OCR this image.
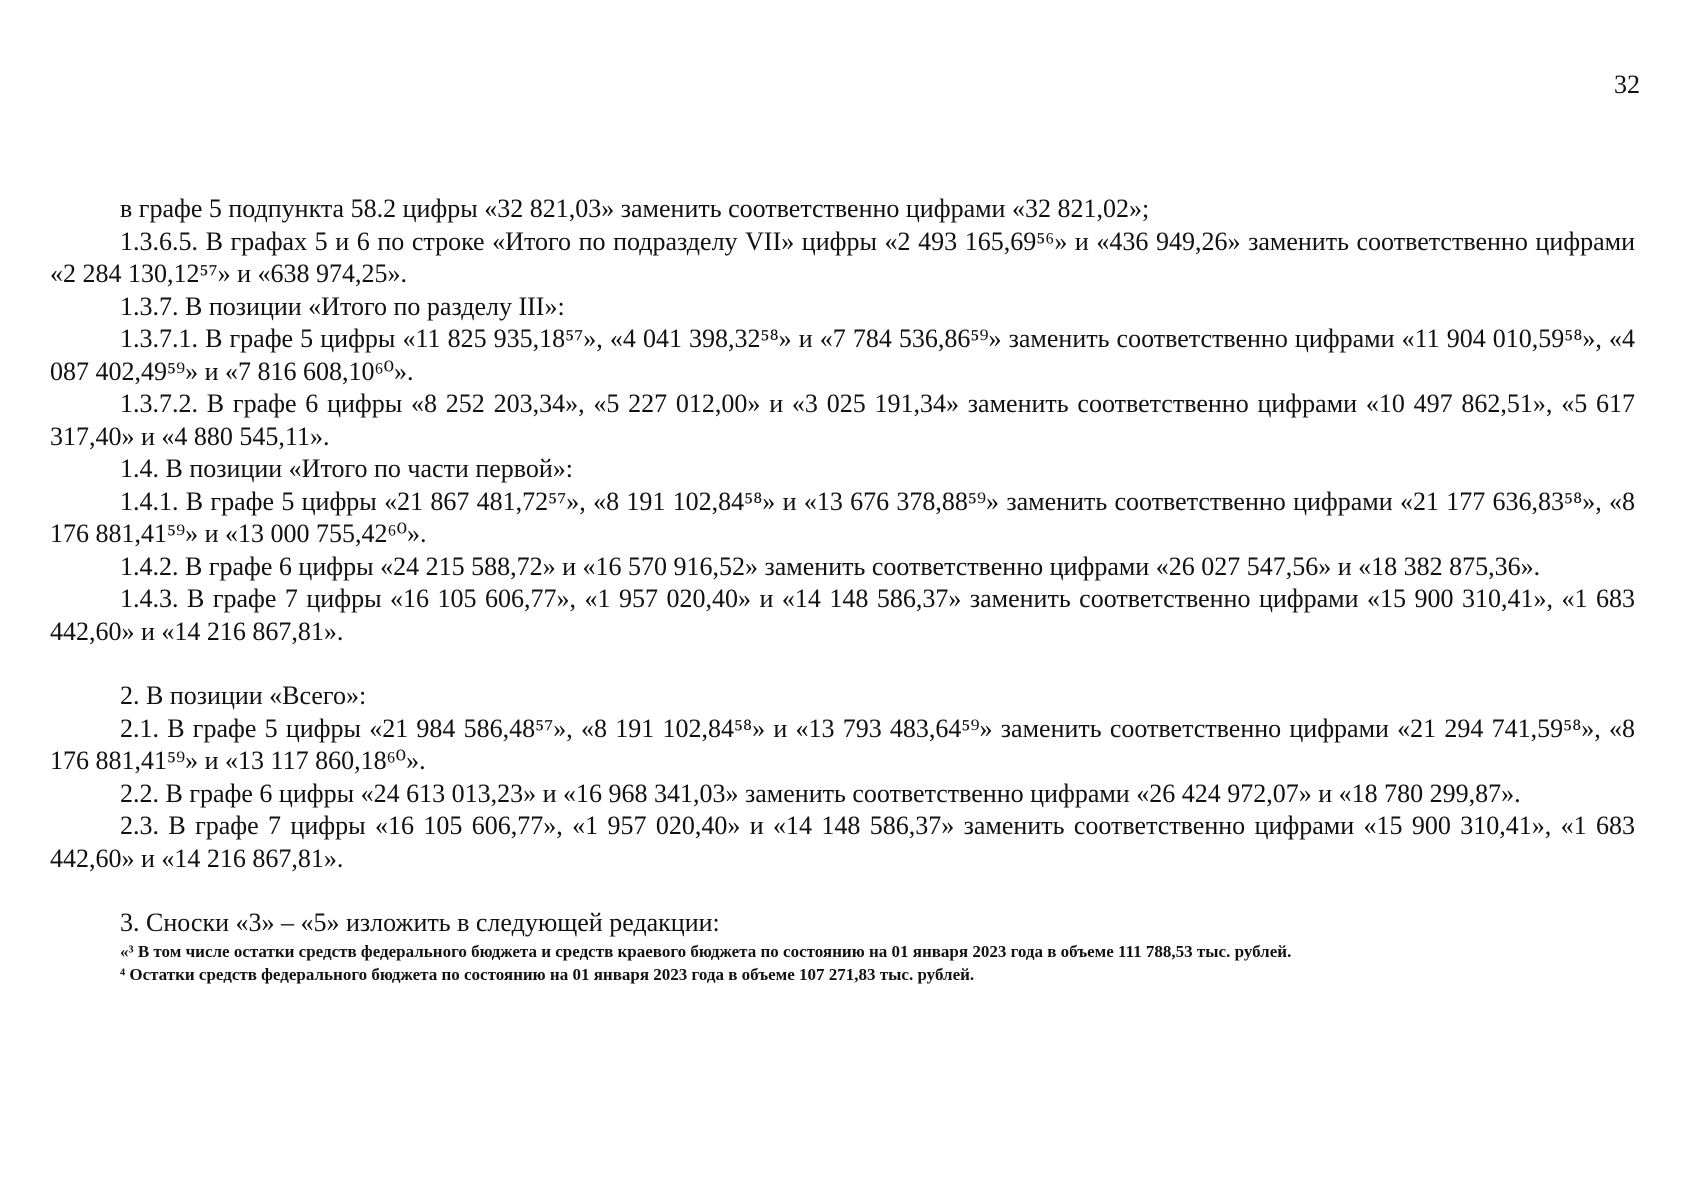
32

в графе 5 подпункта 58.2 цифры «32 821,03» заменить соответственно цифрами «32 821,02»;

1.3.6.5. В графах 5 и 6 по строке «Итого по подразделу VII» цифры «2 493 165,69⁵⁶» и «436 949,26» заменить соответственно цифрами «2 284 130,12⁵⁷» и «638 974,25».

1.3.7. В позиции «Итого по разделу III»:

1.3.7.1. В графе 5 цифры «11 825 935,18⁵⁷», «4 041 398,32⁵⁸» и «7 784 536,86⁵⁹» заменить соответственно цифрами «11 904 010,59⁵⁸», «4 087 402,49⁵⁹» и «7 816 608,10⁶⁰».

1.3.7.2. В графе 6 цифры «8 252 203,34», «5 227 012,00» и «3 025 191,34» заменить соответственно цифрами «10 497 862,51», «5 617 317,40» и «4 880 545,11».

1.4. В позиции «Итого по части первой»:

1.4.1. В графе 5 цифры «21 867 481,72⁵⁷», «8 191 102,84⁵⁸» и «13 676 378,88⁵⁹» заменить соответственно цифрами «21 177 636,83⁵⁸», «8 176 881,41⁵⁹» и «13 000 755,42⁶⁰».

1.4.2. В графе 6 цифры «24 215 588,72» и «16 570 916,52» заменить соответственно цифрами «26 027 547,56» и «18 382 875,36».

1.4.3. В графе 7 цифры «16 105 606,77», «1 957 020,40» и «14 148 586,37» заменить соответственно цифрами «15 900 310,41», «1 683 442,60» и «14 216 867,81».

2. В позиции «Всего»:

2.1. В графе 5 цифры «21 984 586,48⁵⁷», «8 191 102,84⁵⁸» и «13 793 483,64⁵⁹» заменить соответственно цифрами «21 294 741,59⁵⁸», «8 176 881,41⁵⁹» и «13 117 860,18⁶⁰».

2.2. В графе 6 цифры «24 613 013,23» и «16 968 341,03» заменить соответственно цифрами «26 424 972,07» и «18 780 299,87».

2.3. В графе 7 цифры «16 105 606,77», «1 957 020,40» и «14 148 586,37» заменить соответственно цифрами «15 900 310,41», «1 683 442,60» и «14 216 867,81».

3. Сноски «3» – «5» изложить в следующей редакции:

«³ В том числе остатки средств федерального бюджета и средств краевого бюджета по состоянию на 01 января 2023 года в объеме 111 788,53 тыс. рублей.

⁴ Остатки средств федерального бюджета по состоянию на 01 января 2023 года в объеме 107 271,83 тыс. рублей.
